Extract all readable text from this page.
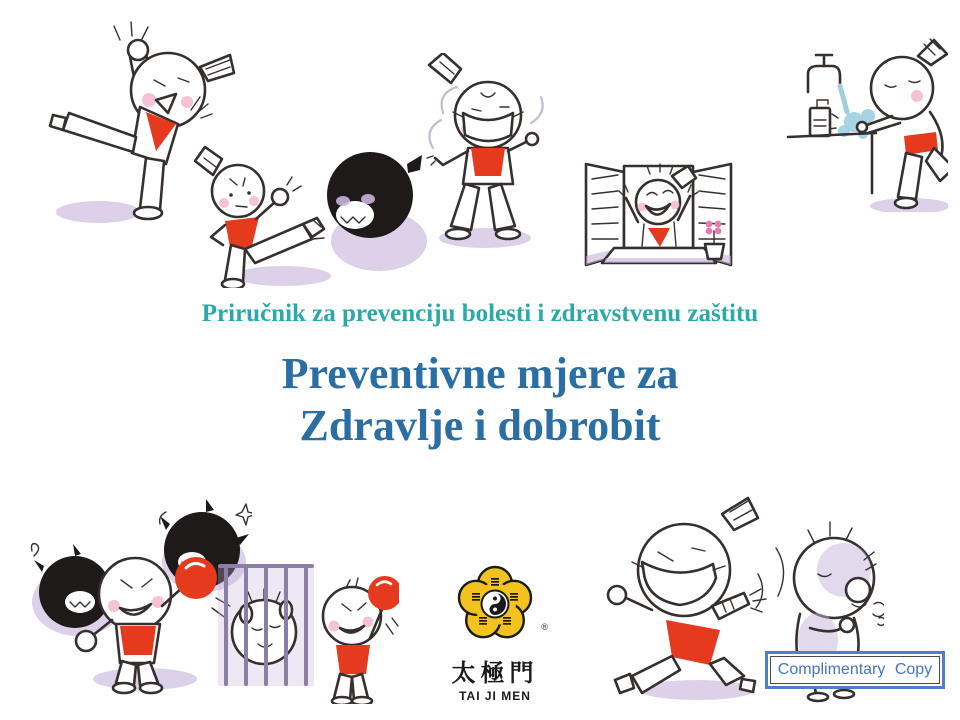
Priručnik za prevenciju bolesti i zdravstvenu zaštitu
Preventivne mjere za
Zdravlje i dobrobit
®
太極門
TAI JI MEN
Complimentary Copy
